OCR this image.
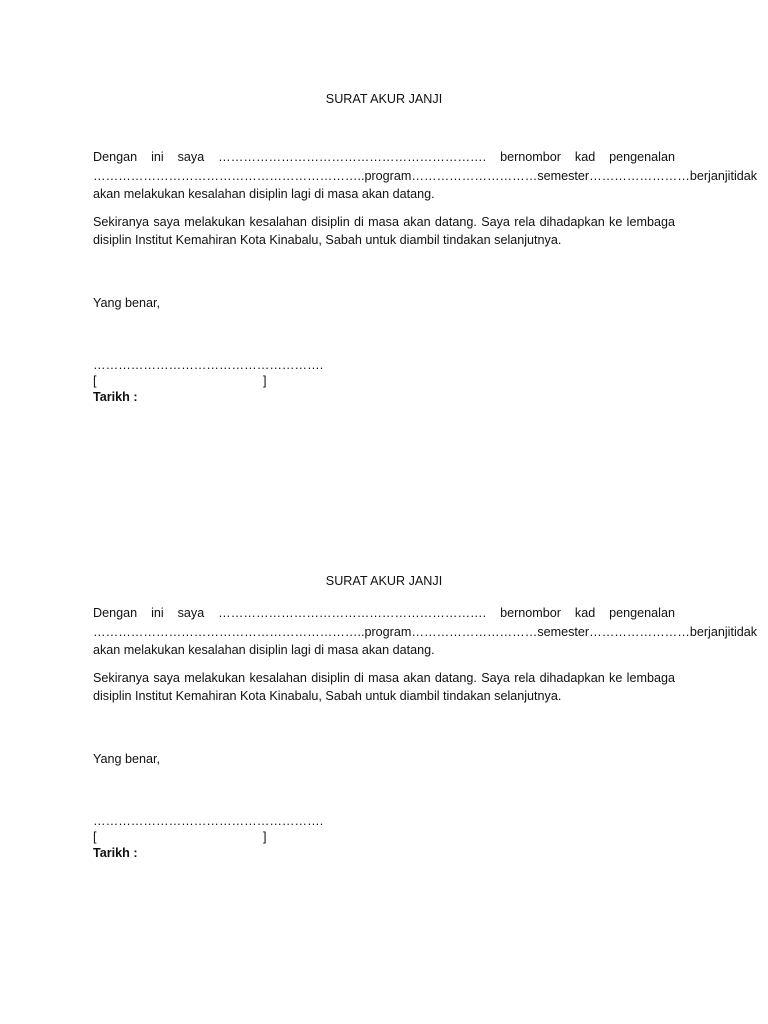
SURAT AKUR JANJI
Dengan ini saya ………………………………………………………. bernombor kad pengenalan
……………………………………………………….. program ………………………… semester……………………berjanji tidak
akan melakukan kesalahan disiplin lagi di masa akan datang.
Sekiranya saya melakukan kesalahan disiplin di masa akan datang. Saya rela dihadapkan ke lembaga
disiplin Institut Kemahiran Kota Kinabalu, Sabah untuk diambil tindakan selanjutnya.
Yang benar,
……………………………………………….
[	]
Tarikh :
SURAT AKUR JANJI
Dengan ini saya ………………………………………………………. bernombor kad pengenalan
……………………………………………………….. program ………………………… semester……………………berjanji tidak
akan melakukan kesalahan disiplin lagi di masa akan datang.
Sekiranya saya melakukan kesalahan disiplin di masa akan datang. Saya rela dihadapkan ke lembaga
disiplin Institut Kemahiran Kota Kinabalu, Sabah untuk diambil tindakan selanjutnya.
Yang benar,
……………………………………………….
[	]
Tarikh :
